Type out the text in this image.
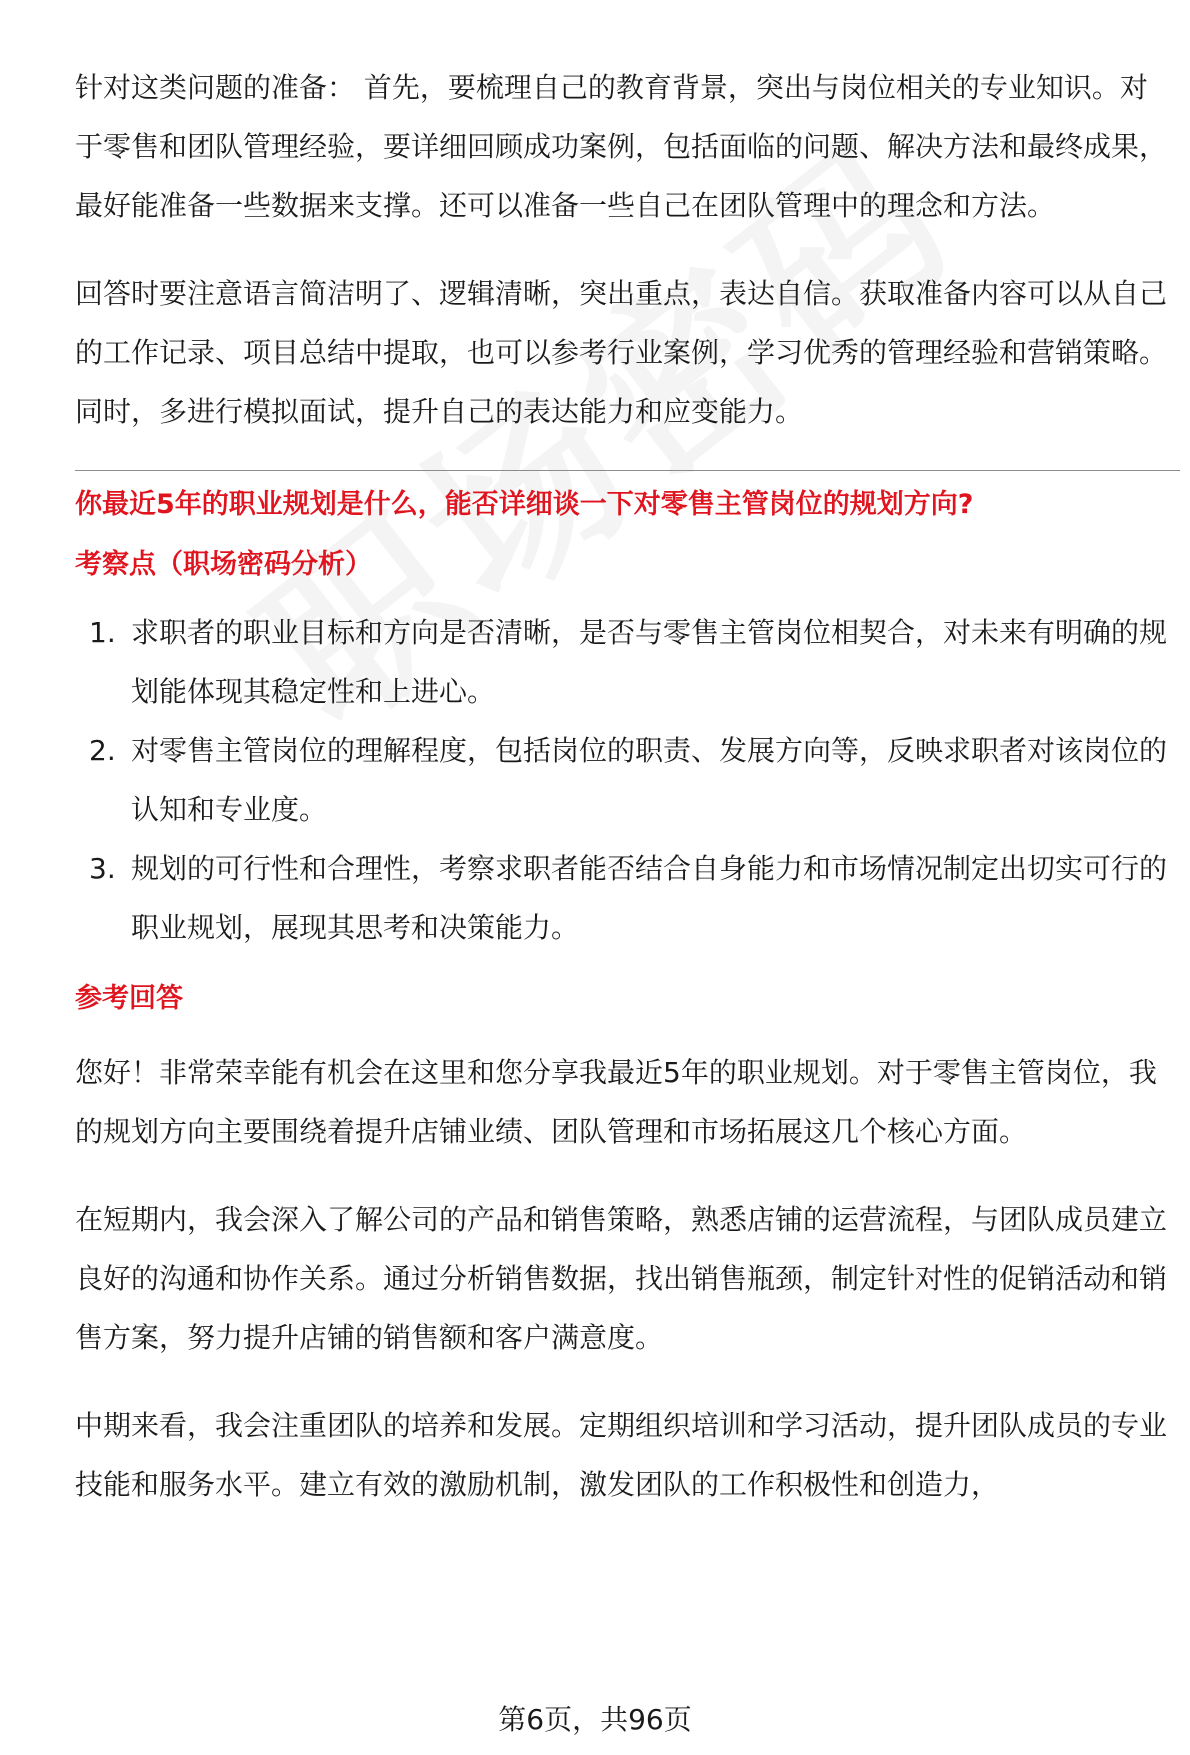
针对这类问题的准备： 首先，要梳理自己的教育背景，突出与岗位相关的专业知识。对于零售和团队管理经验，要详细回顾成功案例，包括面临的问题、解决方法和最终成果，最好能准备一些数据来支撑。还可以准备一些自己在团队管理中的理念和方法。

回答时要注意语言简洁明了、逻辑清晰，突出重点，表达自信。获取准备内容可以从自己的工作记录、项目总结中提取，也可以参考行业案例，学习优秀的管理经验和营销策略。同时，多进行模拟面试，提升自己的表达能力和应变能力。

你最近5年的职业规划是什么，能否详细谈一下对零售主管岗位的规划方向?
考察点（职场密码分析）
1. 求职者的职业目标和方向是否清晰，是否与零售主管岗位相契合，对未来有明确的规划能体现其稳定性和上进心。
2. 对零售主管岗位的理解程度，包括岗位的职责、发展方向等，反映求职者对该岗位的认知和专业度。
3. 规划的可行性和合理性，考察求职者能否结合自身能力和市场情况制定出切实可行的职业规划，展现其思考和决策能力。
参考回答

您好！非常荣幸能有机会在这里和您分享我最近5年的职业规划。对于零售主管岗位，我的规划方向主要围绕着提升店铺业绩、团队管理和市场拓展这几个核心方面。

在短期内，我会深入了解公司的产品和销售策略，熟悉店铺的运营流程，与团队成员建立良好的沟通和协作关系。通过分析销售数据，找出销售瓶颈，制定针对性的促销活动和销售方案，努力提升店铺的销售额和客户满意度。

中期来看，我会注重团队的培养和发展。定期组织培训和学习活动，提升团队成员的专业技能和服务水平。建立有效的激励机制，激发团队的工作积极性和创造力，

第6页，共96页
